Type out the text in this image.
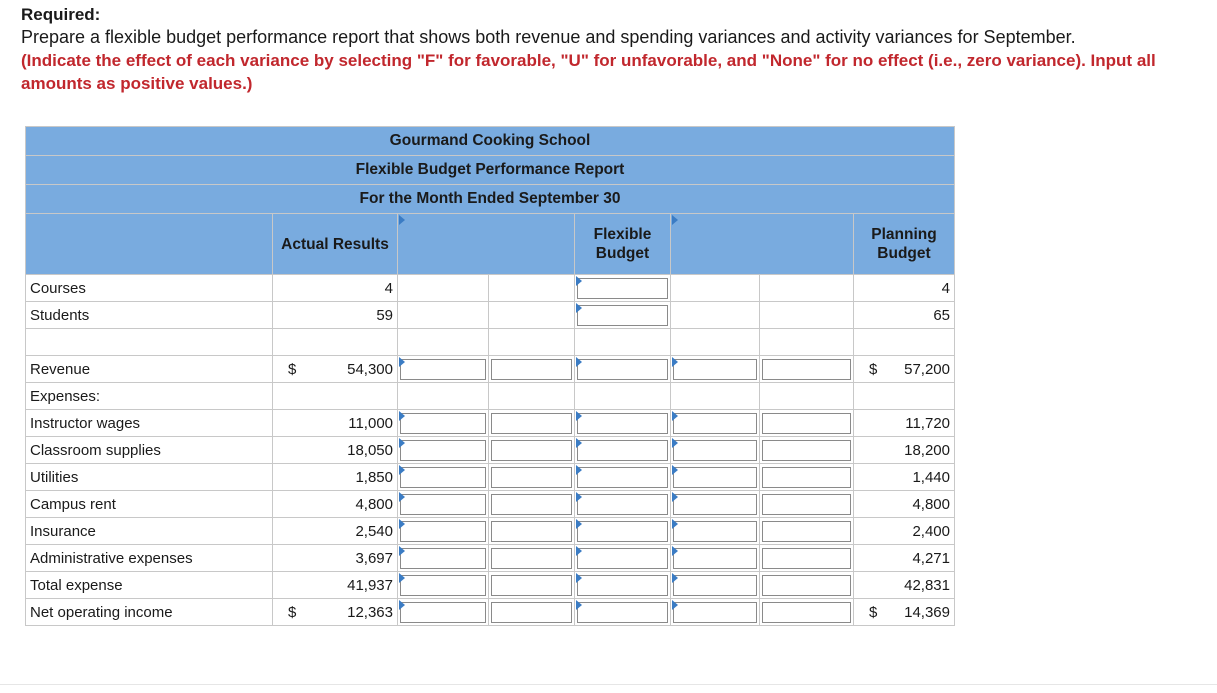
Required:
Prepare a flexible budget performance report that shows both revenue and spending variances and activity variances for September.
(Indicate the effect of each variance by selecting "F" for favorable, "U" for unfavorable, and "None" for no effect (i.e., zero variance). Input all amounts as positive values.)
Gourmand Cooking School							
Flexible Budget Performance Report							
For the Month Ended September 30							

	Actual Results			Flexible Budget			Planning Budget

Courses	4						4
Students	59						65

Revenue	$ 54,300						$ 57,200

Expenses:							
Instructor wages	11,000						11,720
Classroom supplies	18,050						18,200
Utilities	1,850						1,440
Campus rent	4,800						4,800
Insurance	2,540						2,400
Administrative expenses	3,697						4,271
Total expense	41,937						42,831
Net operating income	$ 12,363						$ 14,369
